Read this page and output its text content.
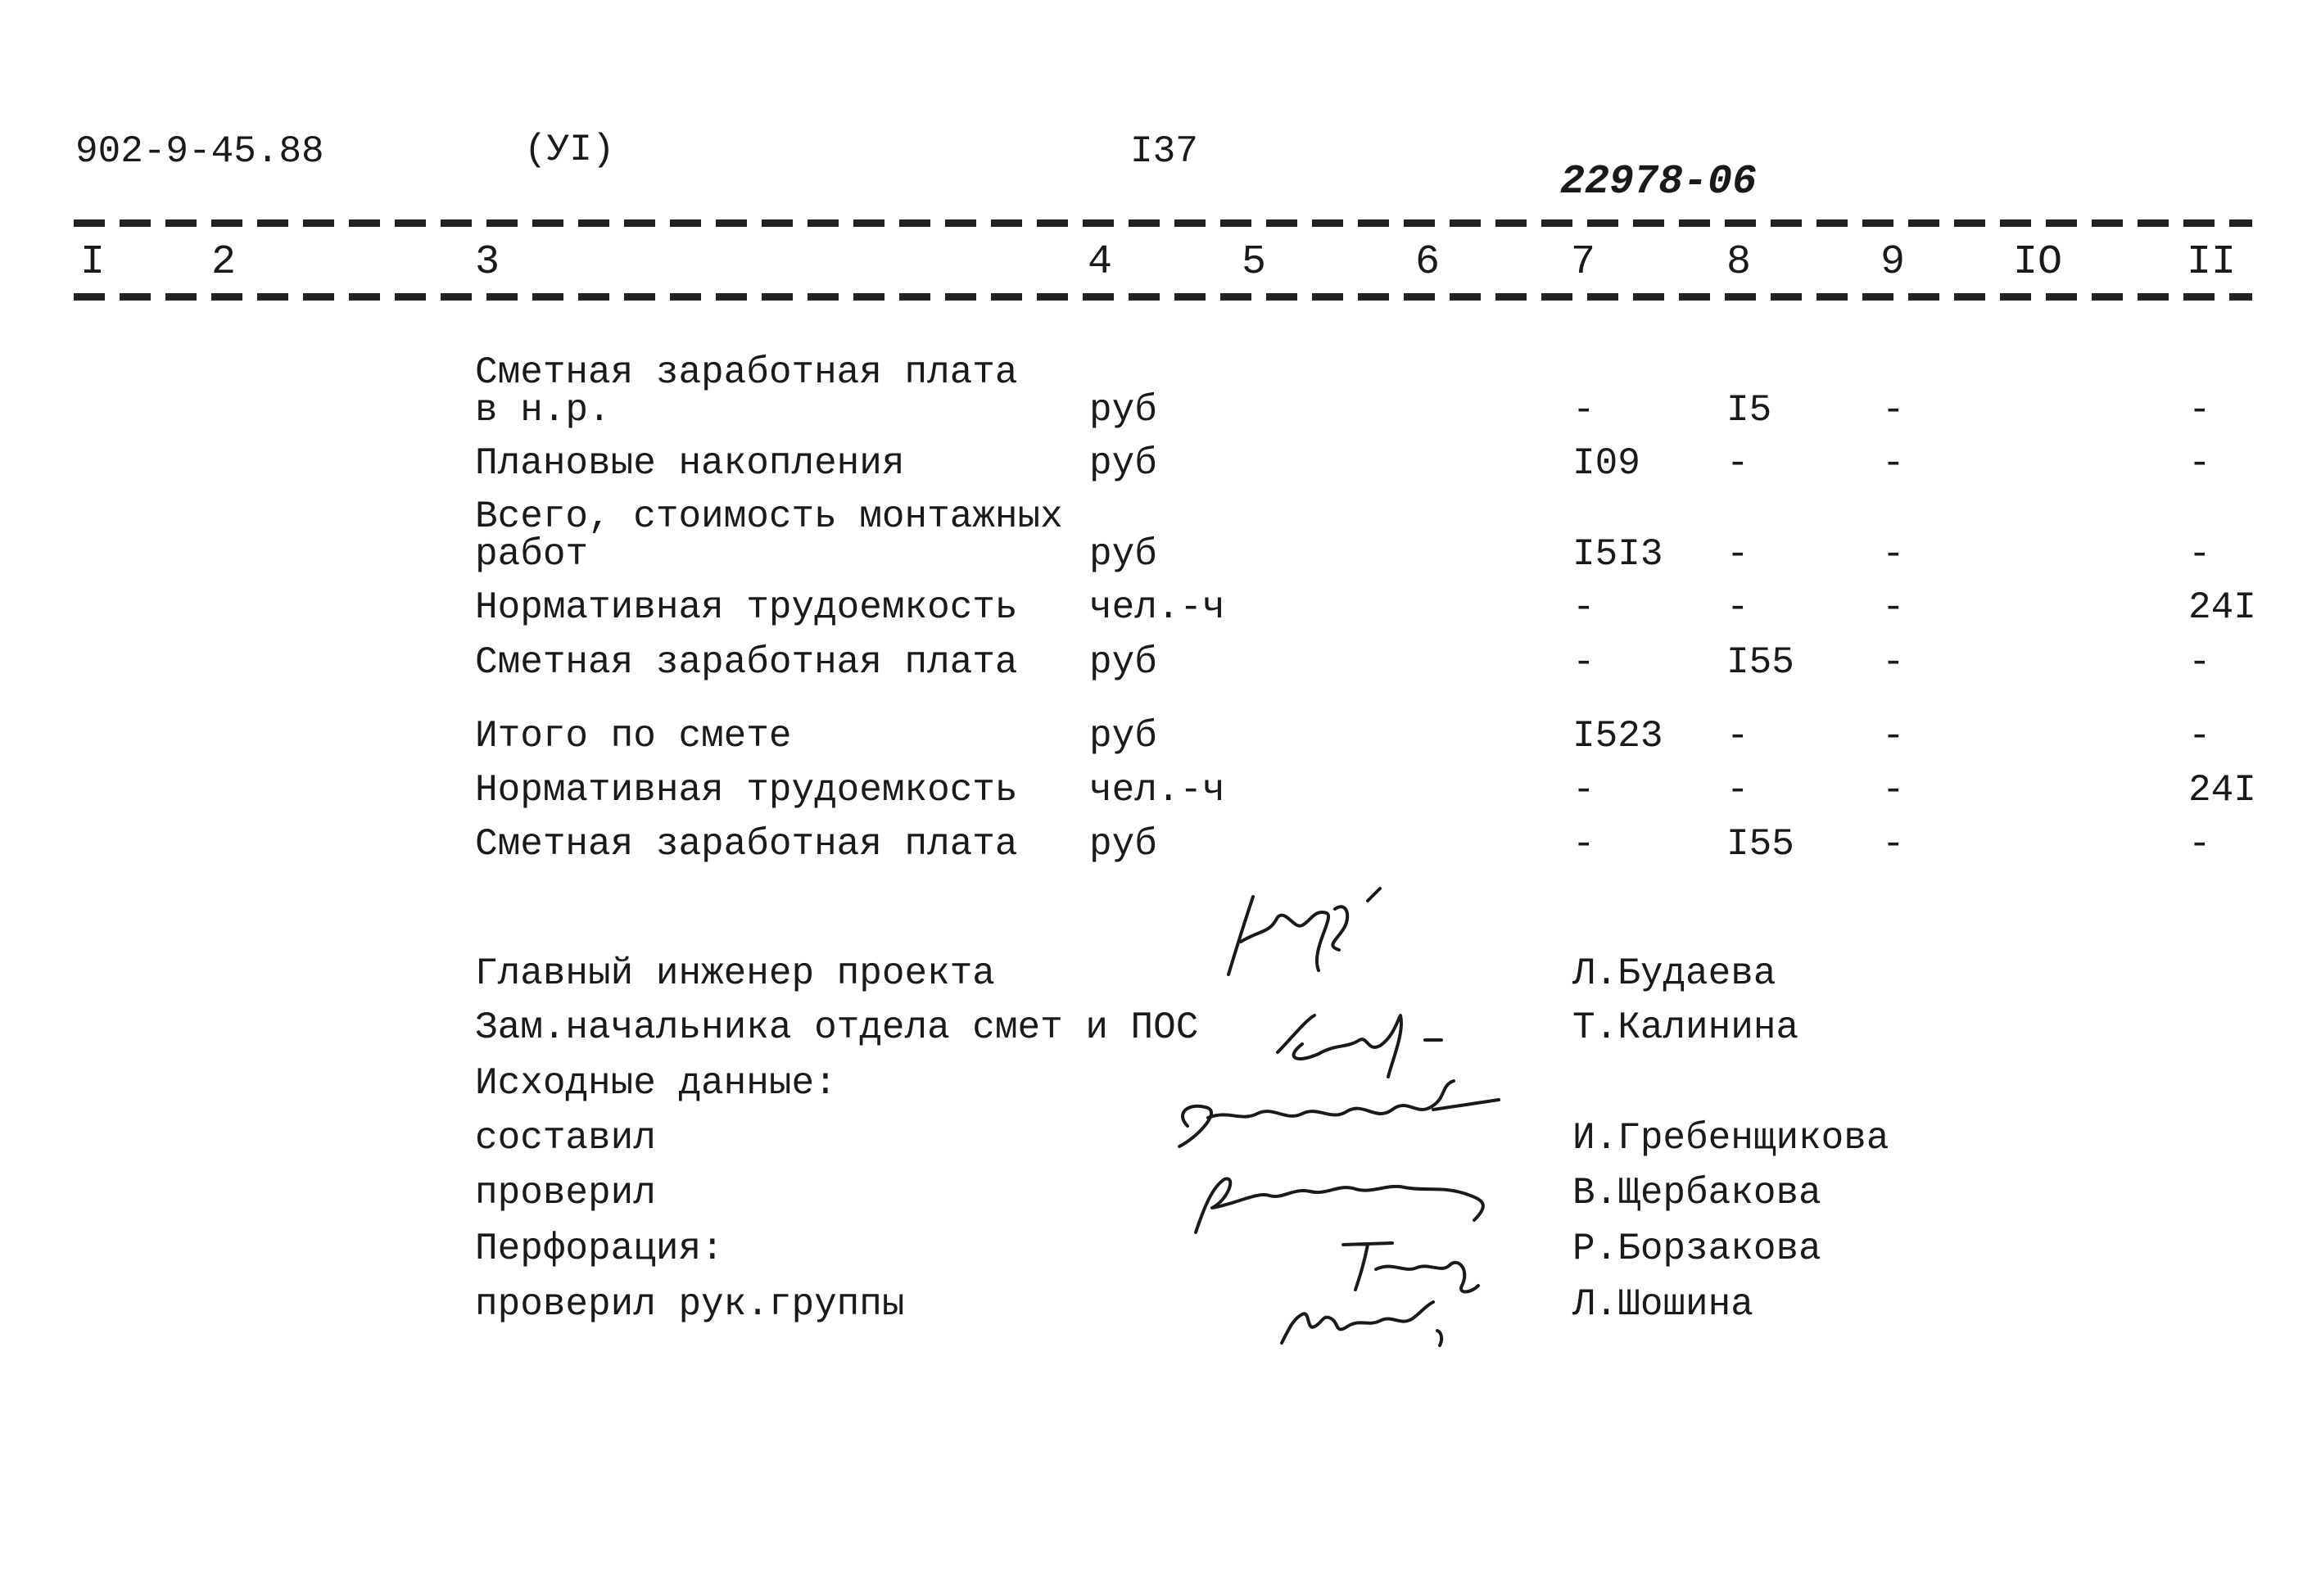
902-9-45.88	(УI)	I37
22978-06
I	2	3	4	5	6	7	8	9	IO	II
Сметная заработная плата
в н.р.	руб	-	I5	-	-
Плановые накопления	руб	I09 -	-	-
Всего, стоимость монтажных
работ	руб	I5I3 -	-	-
Нормативная трудоемкость чел.-ч	-	-	-	24I
Сметная заработная плата руб	-	I55 -	-
Итого по смете	руб	I523 -	-	-
Нормативная трудоемкость чел.-ч	-	-	-	24I
Сметная заработная плата руб	-	I55 -	-
Главный инженер проекта	Л.Будаева
Зам.начальника отдела смет и ПОС	Т.Калинина
Исходные данные:
составил	И.Гребенщикова
проверил	В.Щербакова
Перфорация:	Р.Борзакова
проверил рук.группы	Л.Шошина
